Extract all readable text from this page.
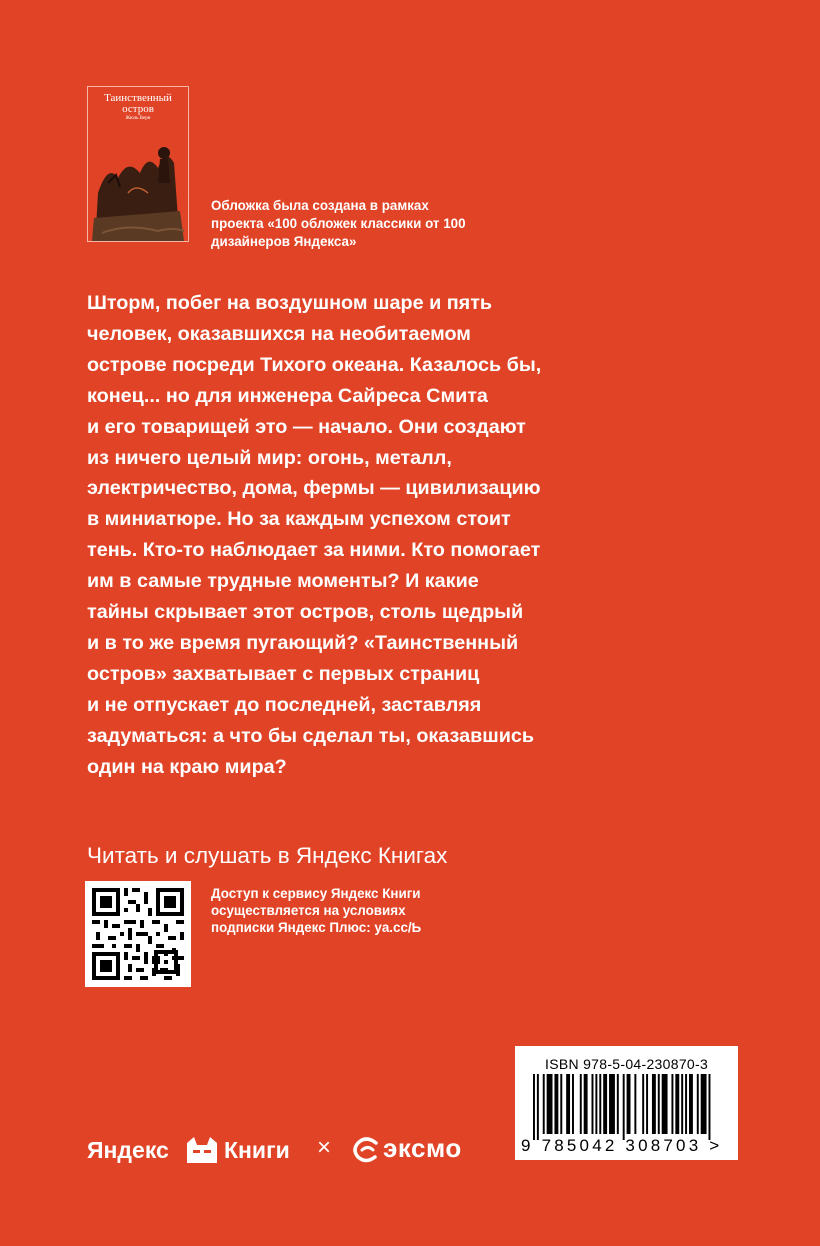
Таинственный остров
Жюль Верн
Обложка была создана в рамках проекта «100 обложек классики от 100 дизайнеров Яндекса»
Шторм, побег на воздушном шаре и пять
человек, оказавшихся на необитаемом
острове посреди Тихого океана. Казалось бы,
конец... но для инженера Сайреса Смита
и его товарищей это — начало. Они создают
из ничего целый мир: огонь, металл,
электричество, дома, фермы — цивилизацию
в миниатюре. Но за каждым успехом стоит
тень. Кто-то наблюдает за ними. Кто помогает
им в самые трудные моменты? И какие
тайны скрывает этот остров, столь щедрый
и в то же время пугающий? «Таинственный
остров» захватывает с первых страниц
и не отпускает до последней, заставляя
задуматься: а что бы сделал ты, оказавшись
один на краю мира?
Читать и слушать в Яндекс Книгах
Доступ к сервису Яндекс Книги осуществляется на условиях подписки Яндекс Плюс: ya.cc/Ƅ
Яндекс Книги × эксмо
ISBN 978-5-04-230870-3
9 785042 308703 >
